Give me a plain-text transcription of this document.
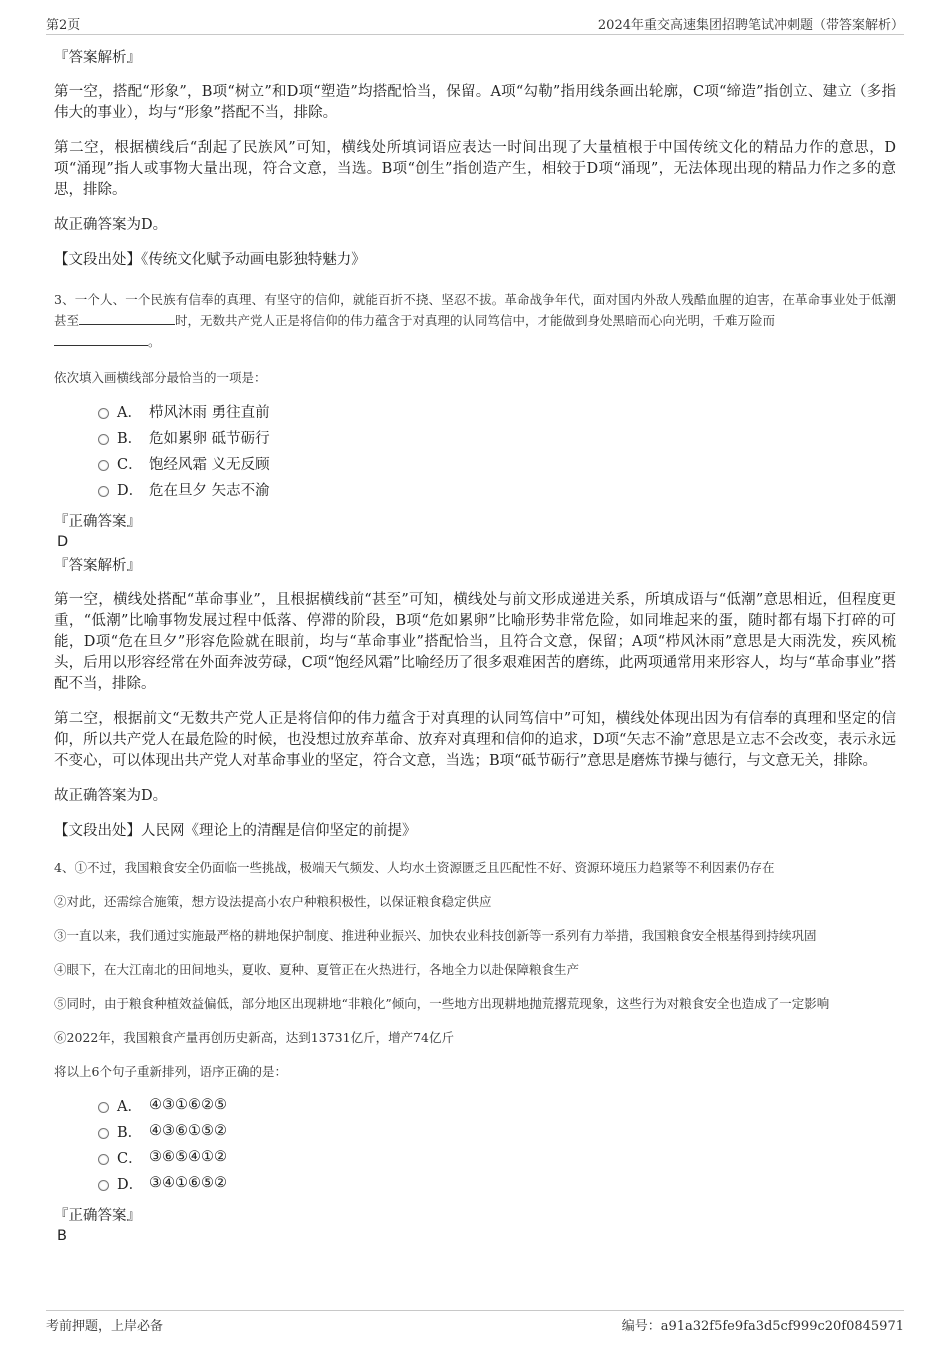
第2页	2024年重交高速集团招聘笔试冲刺题（带答案解析）
『答案解析』

第一空，搭配“形象”，B项“树立”和D项“塑造”均搭配恰当，保留。A项“勾勒”指用线条画出轮廓，C项“缔造”指创立、建立（多指伟大的事业），均与“形象”搭配不当，排除。

第二空，根据横线后“刮起了民族风”可知，横线处所填词语应表达一时间出现了大量植根于中国传统文化的精品力作的意思，D项“涌现”指人或事物大量出现，符合文意，当选。B项“创生”指创造产生，相较于D项“涌现”，无法体现出现的精品力作之多的意思，排除。

故正确答案为D。

【文段出处】《传统文化赋予动画电影独特魅力》

3、一个人、一个民族有信奉的真理、有坚守的信仰，就能百折不挠、坚忍不拔。革命战争年代，面对国内外敌人残酷血腥的迫害，在革命事业处于低潮甚至	时，无数共产党人正是将信仰的伟力蕴含于对真理的认同笃信中，才能做到身处黑暗而心向光明，千难万险而
。

依次填入画横线部分最恰当的一项是：

A． 栉风沐雨 勇往直前
B． 危如累卵 砥节砺行
C． 饱经风霜 义无反顾
D． 危在旦夕 矢志不渝
『正确答案』
D
『答案解析』

第一空，横线处搭配“革命事业”，且根据横线前“甚至”可知，横线处与前文形成递进关系，所填成语与“低潮”意思相近，但程度更重，“低潮”比喻事物发展过程中低落、停滞的阶段，B项“危如累卵”比喻形势非常危险，如同堆起来的蛋，随时都有塌下打碎的可能，D项“危在旦夕”形容危险就在眼前，均与“革命事业”搭配恰当，且符合文意，保留；A项“栉风沐雨”意思是大雨洗发，疾风梳头，后用以形容经常在外面奔波劳碌，C项“饱经风霜”比喻经历了很多艰难困苦的磨练，此两项通常用来形容人，均与“革命事业”搭配不当，排除。

第二空，根据前文“无数共产党人正是将信仰的伟力蕴含于对真理的认同笃信中”可知，横线处体现出因为有信奉的真理和坚定的信仰，所以共产党人在最危险的时候，也没想过放弃革命、放弃对真理和信仰的追求，D项“矢志不渝”意思是立志不会改变，表示永远不变心，可以体现出共产党人对革命事业的坚定，符合文意，当选；B项“砥节砺行”意思是磨炼节操与德行，与文意无关，排除。

故正确答案为D。

【文段出处】人民网《理论上的清醒是信仰坚定的前提》

4、①不过，我国粮食安全仍面临一些挑战，极端天气频发、人均水土资源匮乏且匹配性不好、资源环境压力趋紧等不利因素仍存在

②对此，还需综合施策，想方设法提高小农户种粮积极性，以保证粮食稳定供应

③一直以来，我们通过实施最严格的耕地保护制度、推进种业振兴、加快农业科技创新等一系列有力举措，我国粮食安全根基得到持续巩固

④眼下，在大江南北的田间地头，夏收、夏种、夏管正在火热进行，各地全力以赴保障粮食生产

⑤同时，由于粮食种植效益偏低，部分地区出现耕地“非粮化”倾向，一些地方出现耕地抛荒撂荒现象，这些行为对粮食安全也造成了一定影响

⑥2022年，我国粮食产量再创历史新高，达到13731亿斤，增产74亿斤

将以上6个句子重新排列，语序正确的是：

A． ④③①⑥②⑤
B． ④③⑥①⑤②
C． ③⑥⑤④①②
D． ③④①⑥⑤②
『正确答案』
B
考前押题，上岸必备	编号：a91a32f5fe9fa3d5cf999c20f0845971
